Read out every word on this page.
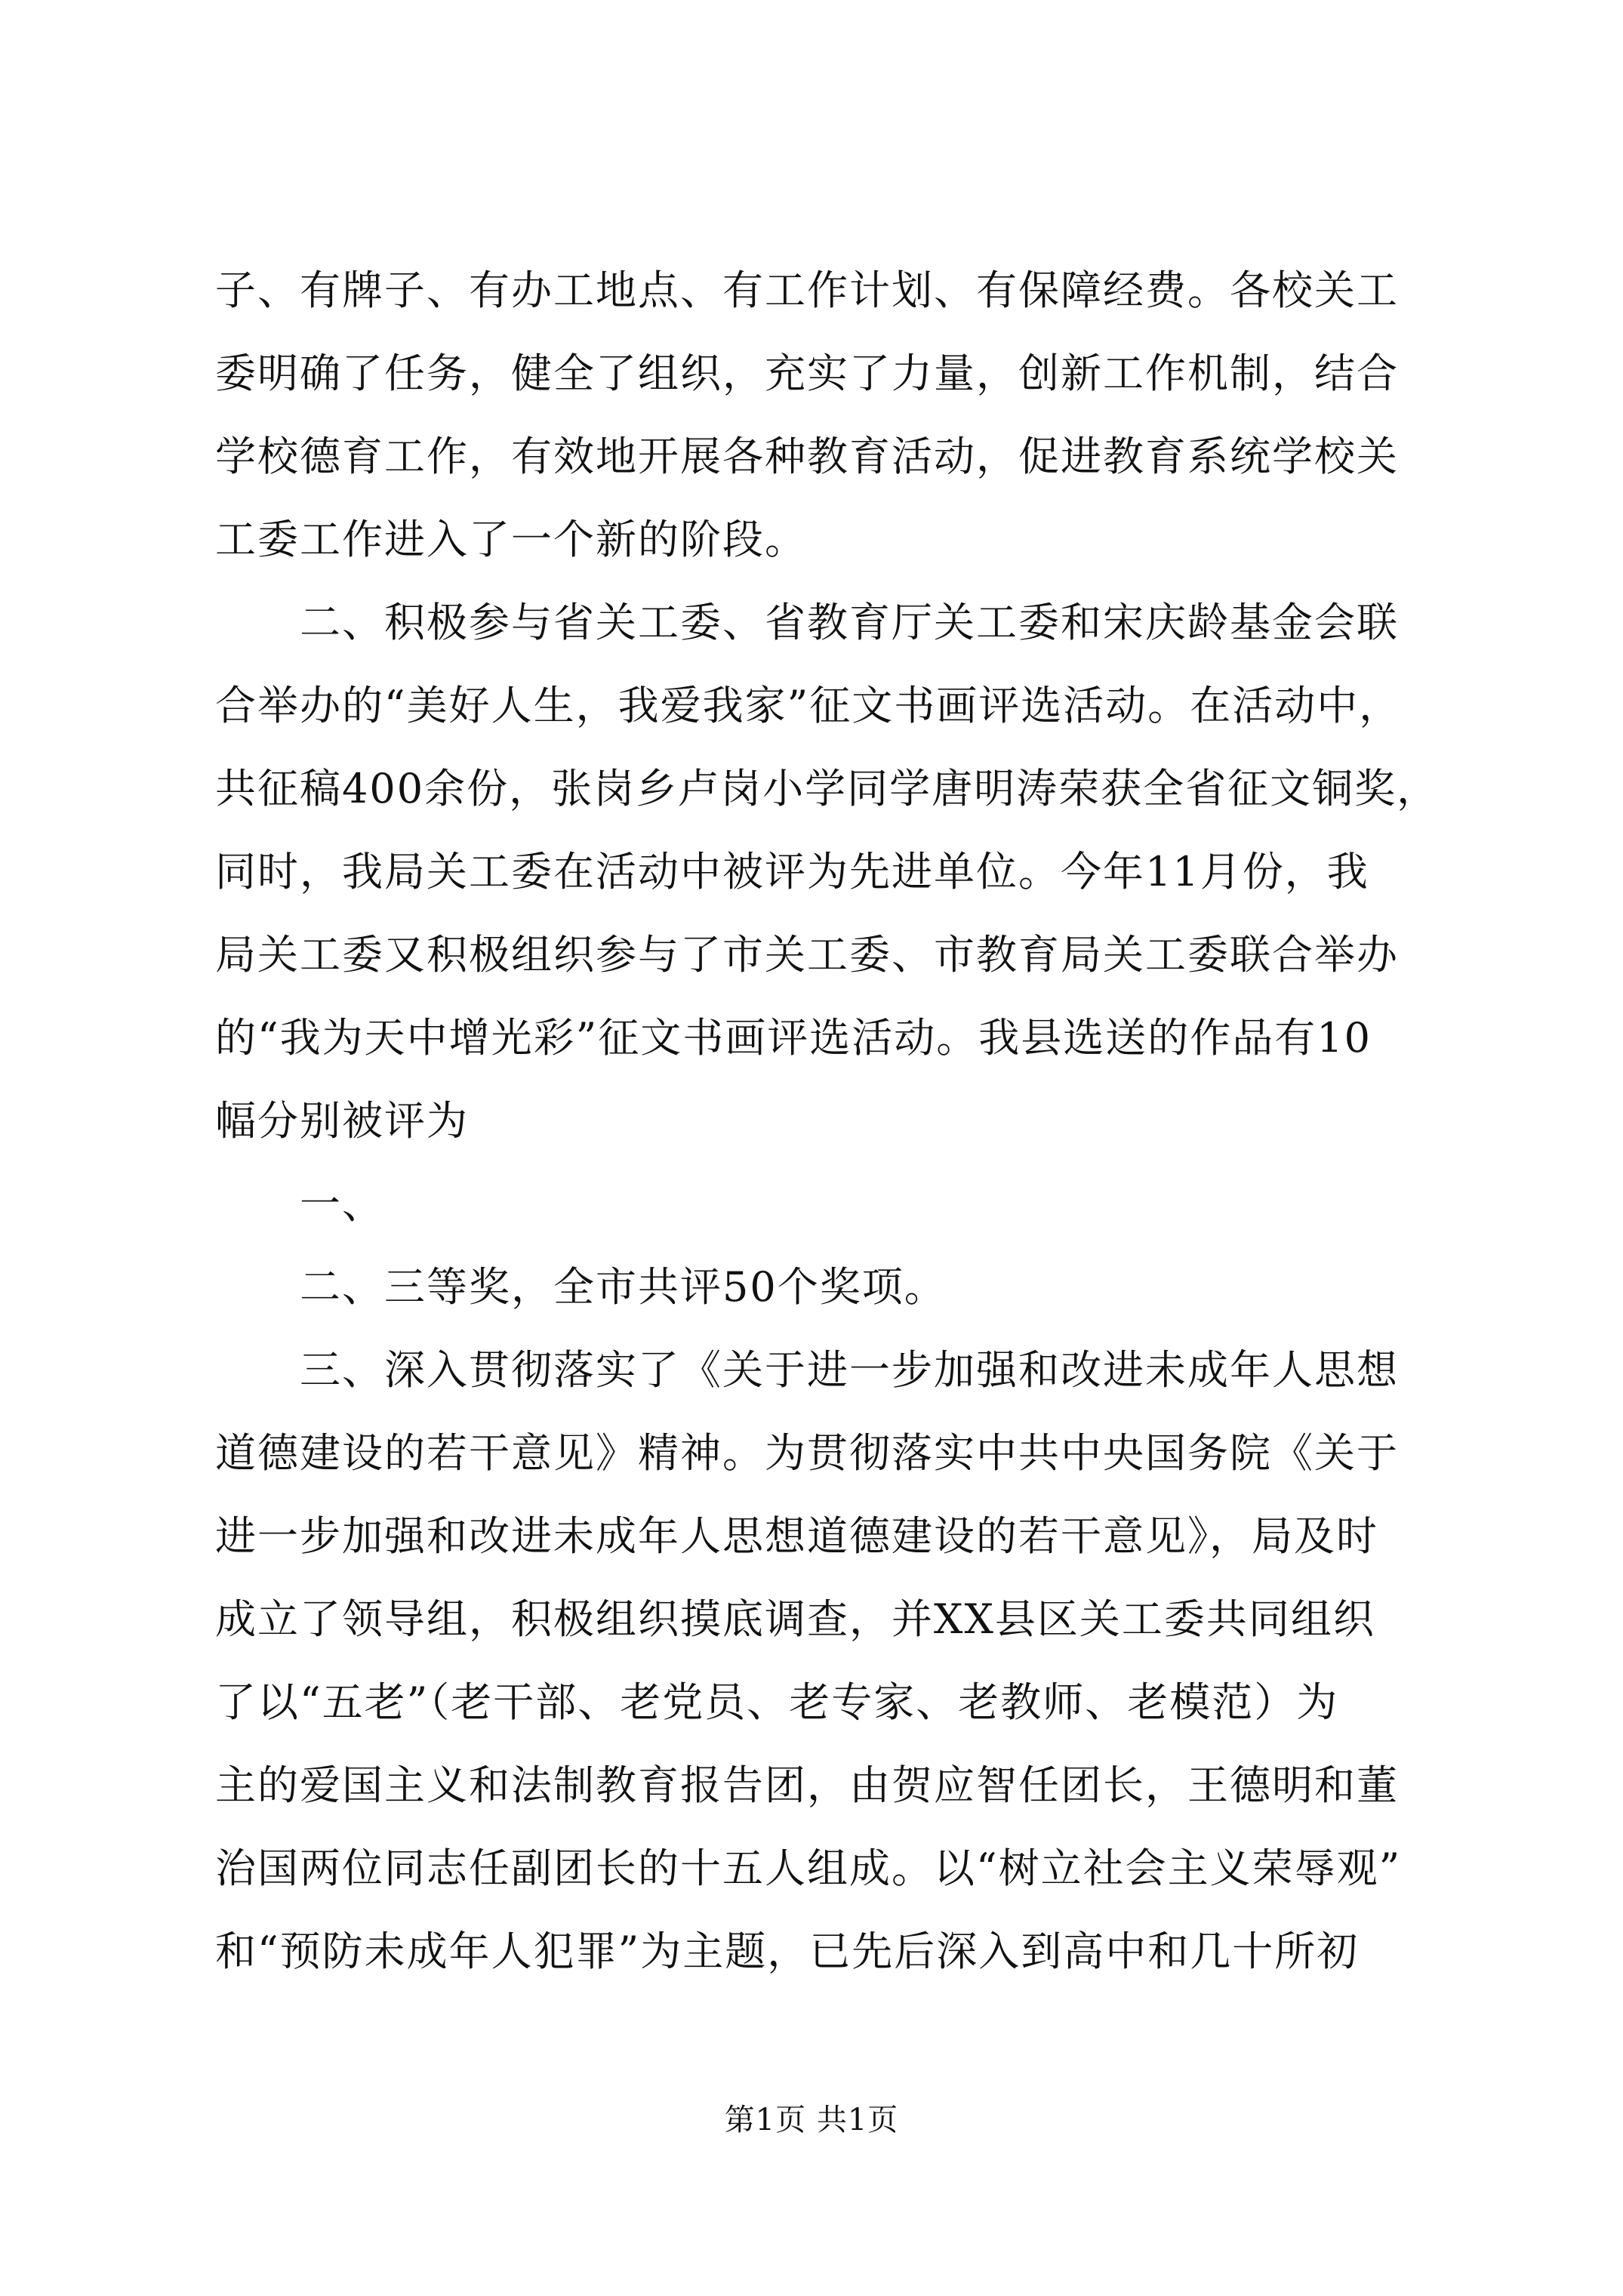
子、有牌子、有办工地点、有工作计划、有保障经费。各校关工
委明确了任务，健全了组织，充实了力量，创新工作机制，结合
学校德育工作，有效地开展各种教育活动，促进教育系统学校关
工委工作进入了一个新的阶段。
二、积极参与省关工委、省教育厅关工委和宋庆龄基金会联
合举办的“美好人生，我爱我家”征文书画评选活动。在活动中，
共征稿400余份，张岗乡卢岗小学同学唐明涛荣获全省征文铜奖，
同时，我局关工委在活动中被评为先进单位。今年11月份，我
局关工委又积极组织参与了市关工委、市教育局关工委联合举办
的“我为天中增光彩”征文书画评选活动。我县选送的作品有10
幅分别被评为
一、
二、三等奖，全市共评50个奖项。
三、深入贯彻落实了《关于进一步加强和改进未成年人思想
道德建设的若干意见》精神。为贯彻落实中共中央国务院《关于
进一步加强和改进未成年人思想道德建设的若干意见》，局及时
成立了领导组，积极组织摸底调查，并XX县区关工委共同组织
了以“五老”（老干部、老党员、老专家、老教师、老模范）为
主的爱国主义和法制教育报告团，由贺应智任团长，王德明和董
治国两位同志任副团长的十五人组成。以“树立社会主义荣辱观”
和“预防未成年人犯罪”为主题，已先后深入到高中和几十所初
第1页 共1页
